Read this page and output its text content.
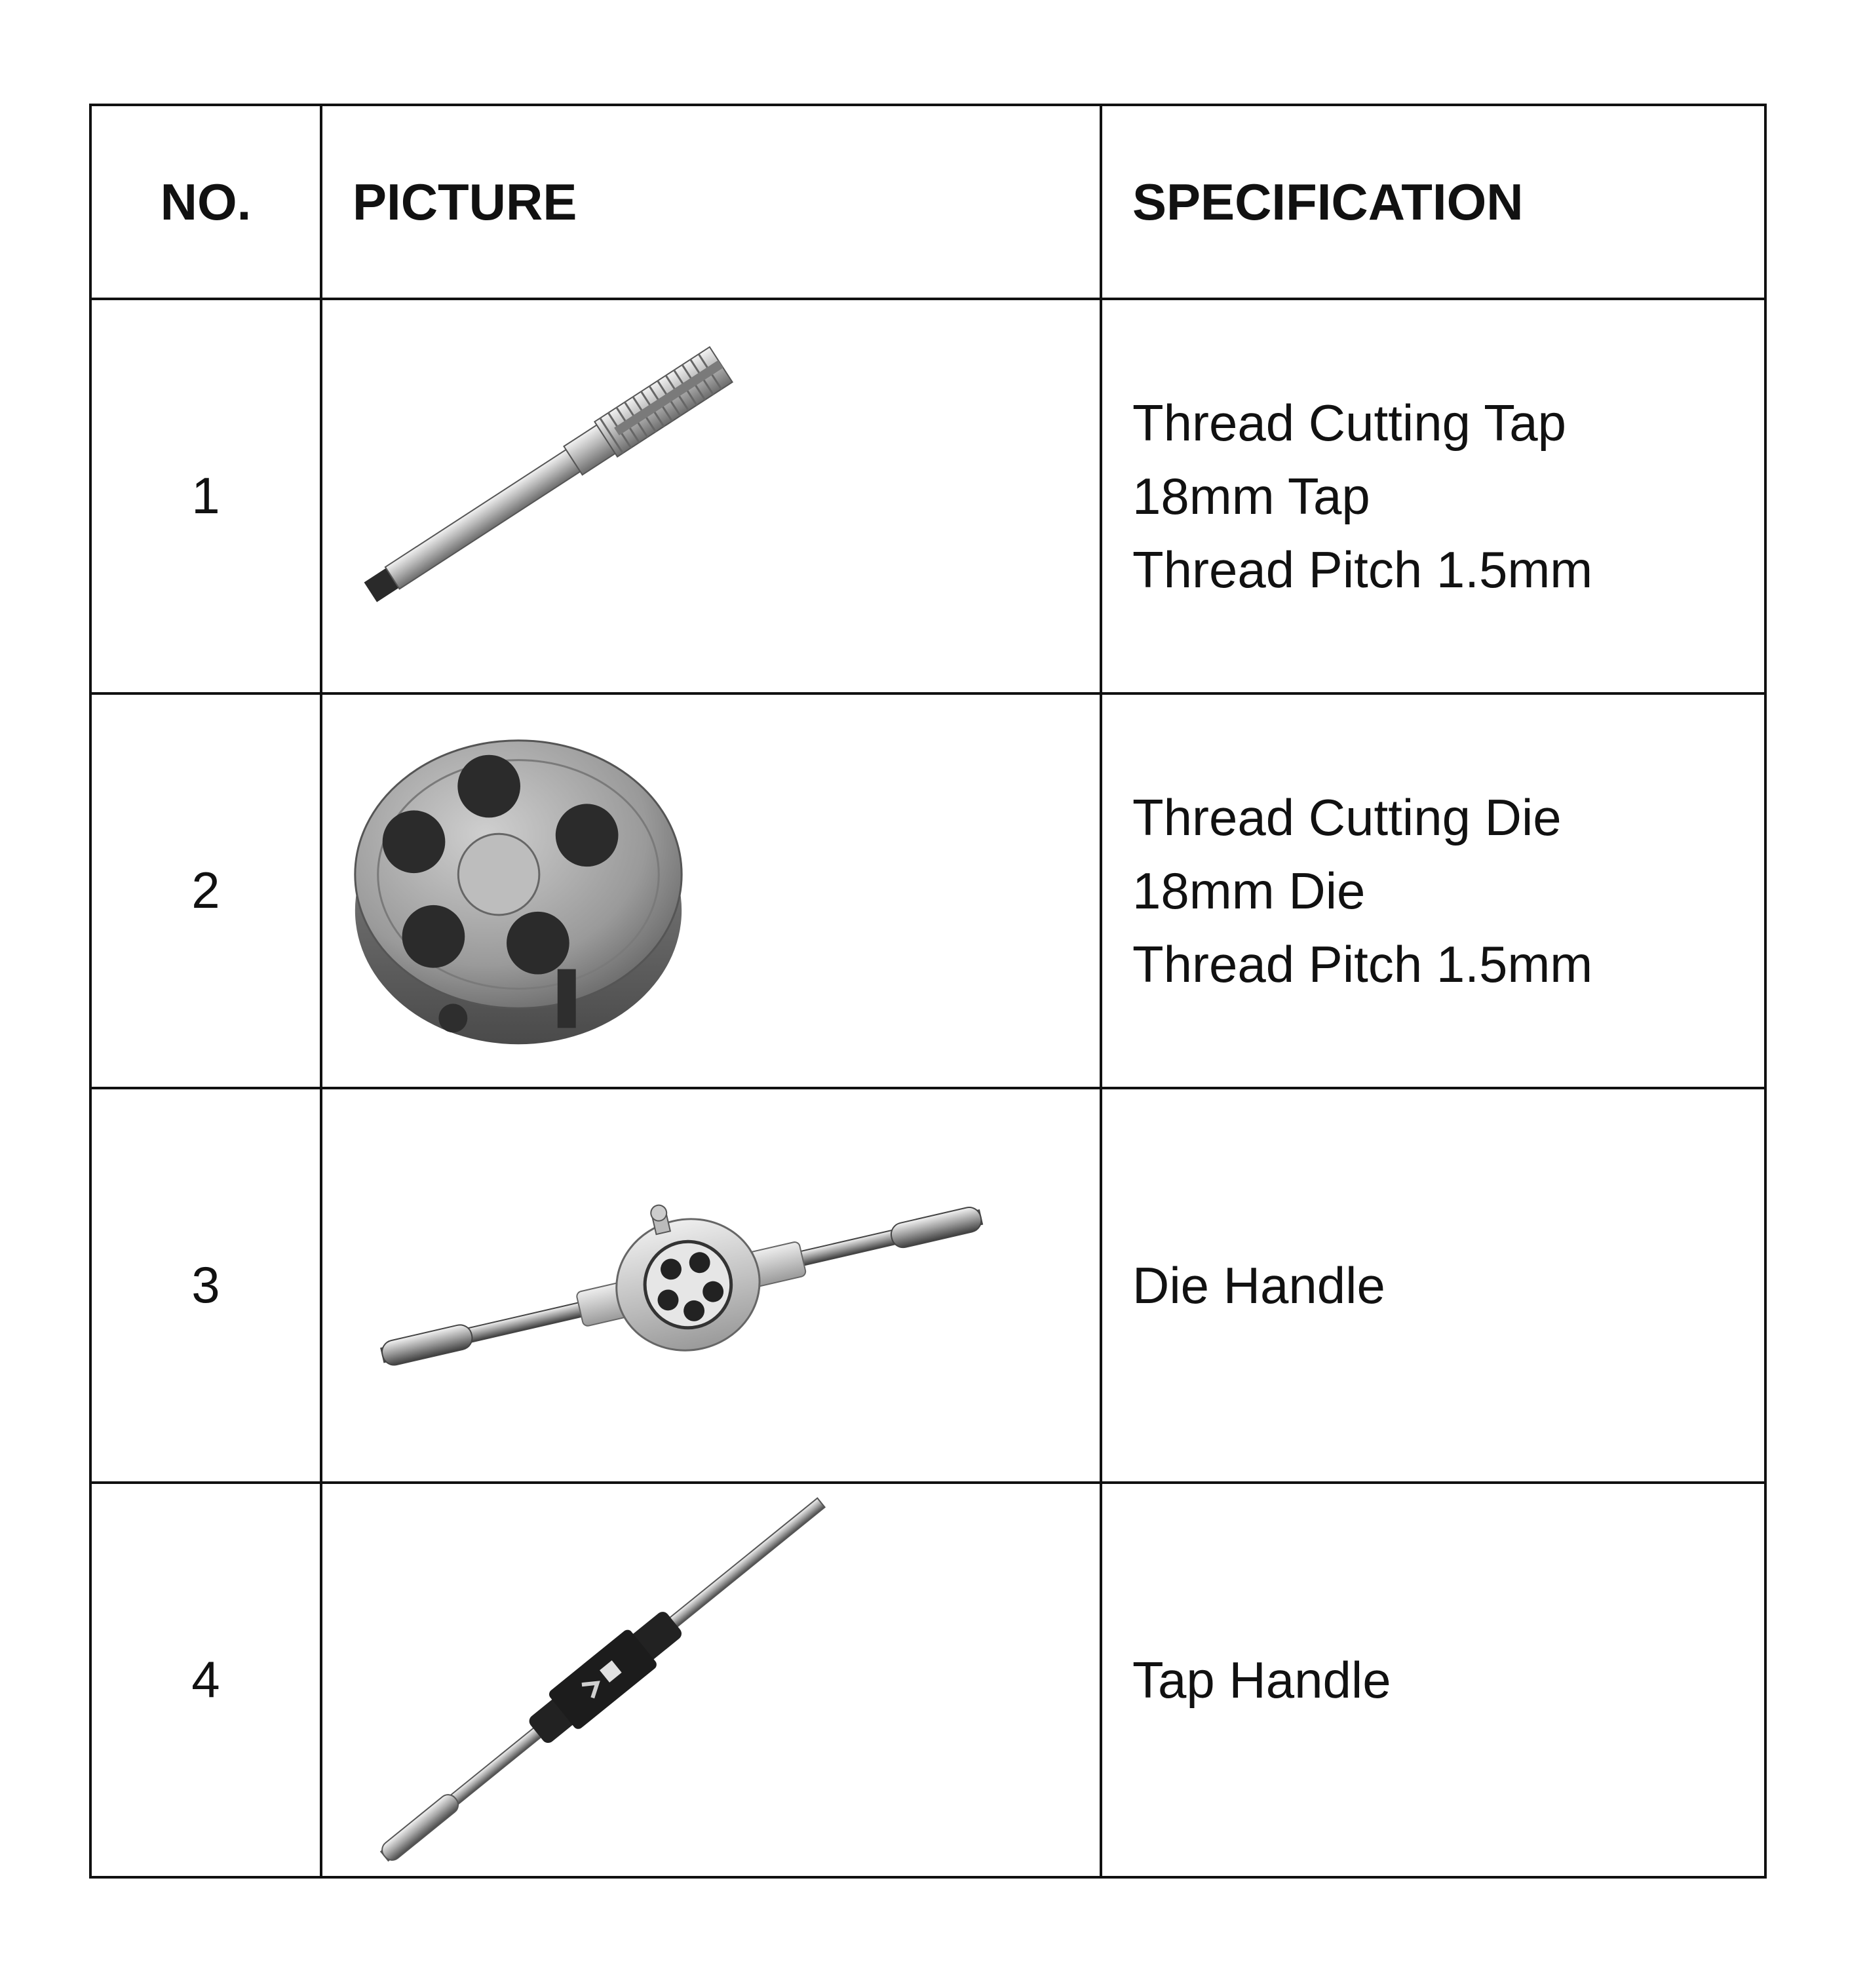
NO.	PICTURE	SPECIFICATION
1		Thread Cutting Tap
18mm Tap
Thread Pitch 1.5mm

2		Thread Cutting Die
18mm Die
Thread Pitch 1.5mm

3		Die Handle

4		Tap Handle
